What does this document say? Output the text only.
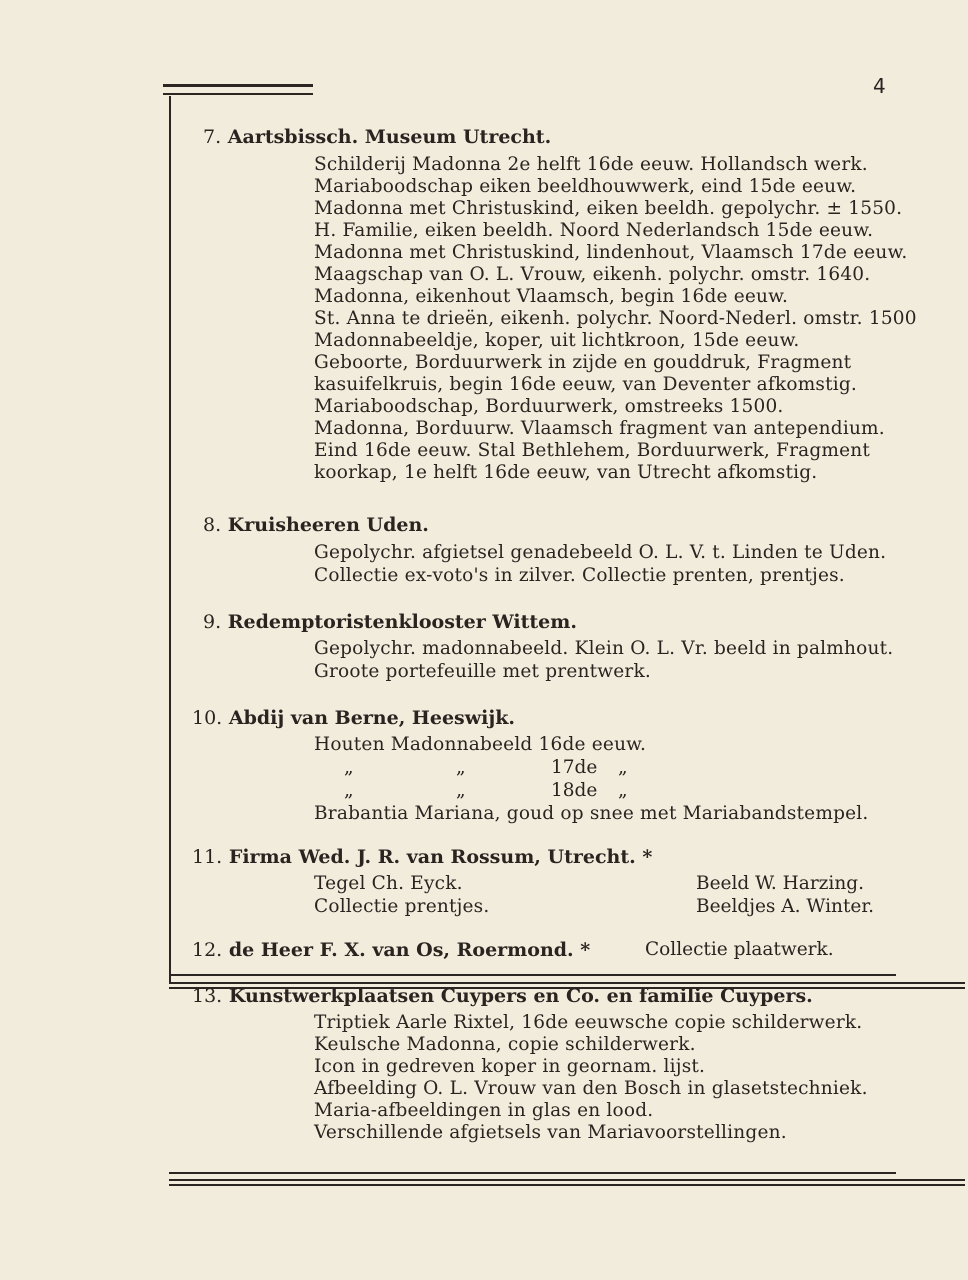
4
7. Aartsbissch. Museum Utrecht.
Schilderij Madonna 2e helft 16de eeuw. Hollandsch werk.
Mariaboodschap eiken beeldhouwwerk, eind 15de eeuw.
Madonna met Christuskind, eiken beeldh. gepolychr. ± 1550.
H. Familie, eiken beeldh. Noord Nederlandsch 15de eeuw.
Madonna met Christuskind, lindenhout, Vlaamsch 17de eeuw.
Maagschap van O. L. Vrouw, eikenh. polychr. omstr. 1640.
Madonna, eikenhout Vlaamsch, begin 16de eeuw.
St. Anna te drieën, eikenh. polychr. Noord-Nederl. omstr. 1500
Madonnabeeldje, koper, uit lichtkroon, 15de eeuw.
Geboorte, Borduurwerk in zijde en gouddruk, Fragment
kasuifelkruis, begin 16de eeuw, van Deventer afkomstig.
Mariaboodschap, Borduurwerk, omstreeks 1500.
Madonna, Borduurw. Vlaamsch fragment van antependium.
Eind 16de eeuw. Stal Bethlehem, Borduurwerk, Fragment
koorkap, 1e helft 16de eeuw, van Utrecht afkomstig.
8. Kruisheeren Uden.
Gepolychr. afgietsel genadebeeld O. L. V. t. Linden te Uden.
Collectie ex-voto's in zilver. Collectie prenten, prentjes.
9. Redemptoristenklooster Wittem.
Gepolychr. madonnabeeld. Klein O. L. Vr. beeld in palmhout.
Groote portefeuille met prentwerk.
10. Abdij van Berne, Heeswijk.
Houten Madonnabeeld 16de eeuw.
„	„	17de „
„	„	18de „
Brabantia Mariana, goud op snee met Mariabandstempel.
11. Firma Wed. J. R. van Rossum, Utrecht. *
Tegel Ch. Eyck.	Beeld W. Harzing.
Collectie prentjes.	Beeldjes A. Winter.
12. de Heer F. X. van Os, Roermond. *	Collectie plaatwerk.
13. Kunstwerkplaatsen Cuypers en Co. en familie Cuypers.
Triptiek Aarle Rixtel, 16de eeuwsche copie schilderwerk.
Keulsche Madonna, copie schilderwerk.
Icon in gedreven koper in geornam. lijst.
Afbeelding O. L. Vrouw van den Bosch in glasetstechniek.
Maria-afbeeldingen in glas en lood.
Verschillende afgietsels van Mariavoorstellingen.
